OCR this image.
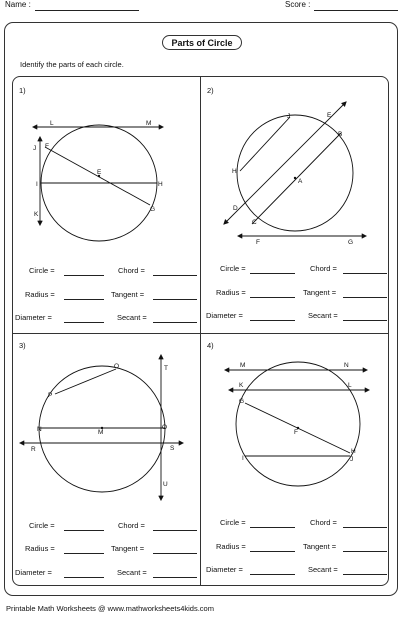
Name :	Score :
Parts of Circle
Identify the parts of each circle.
1)	2)
3)	4)
L	M
J F
E
I	H
G
K
J	E
B
H
A
D
C
F	G
O	T
P
N	M
O
R	S
U
M	N
K	L
G
F
I
H
J
Circle =	Chord =
Radius =	Tangent =
Diameter =	Secant =
Circle =	Chord =
Radius =	Tangent =
Diameter =	Secant =
Circle =	Chord =
Radius =	Tangent =
Diameter =	Secant =
Circle =	Chord =
Radius =	Tangent =
Diameter =	Secant =
Printable Math Worksheets @ www.mathworksheets4kids.com
